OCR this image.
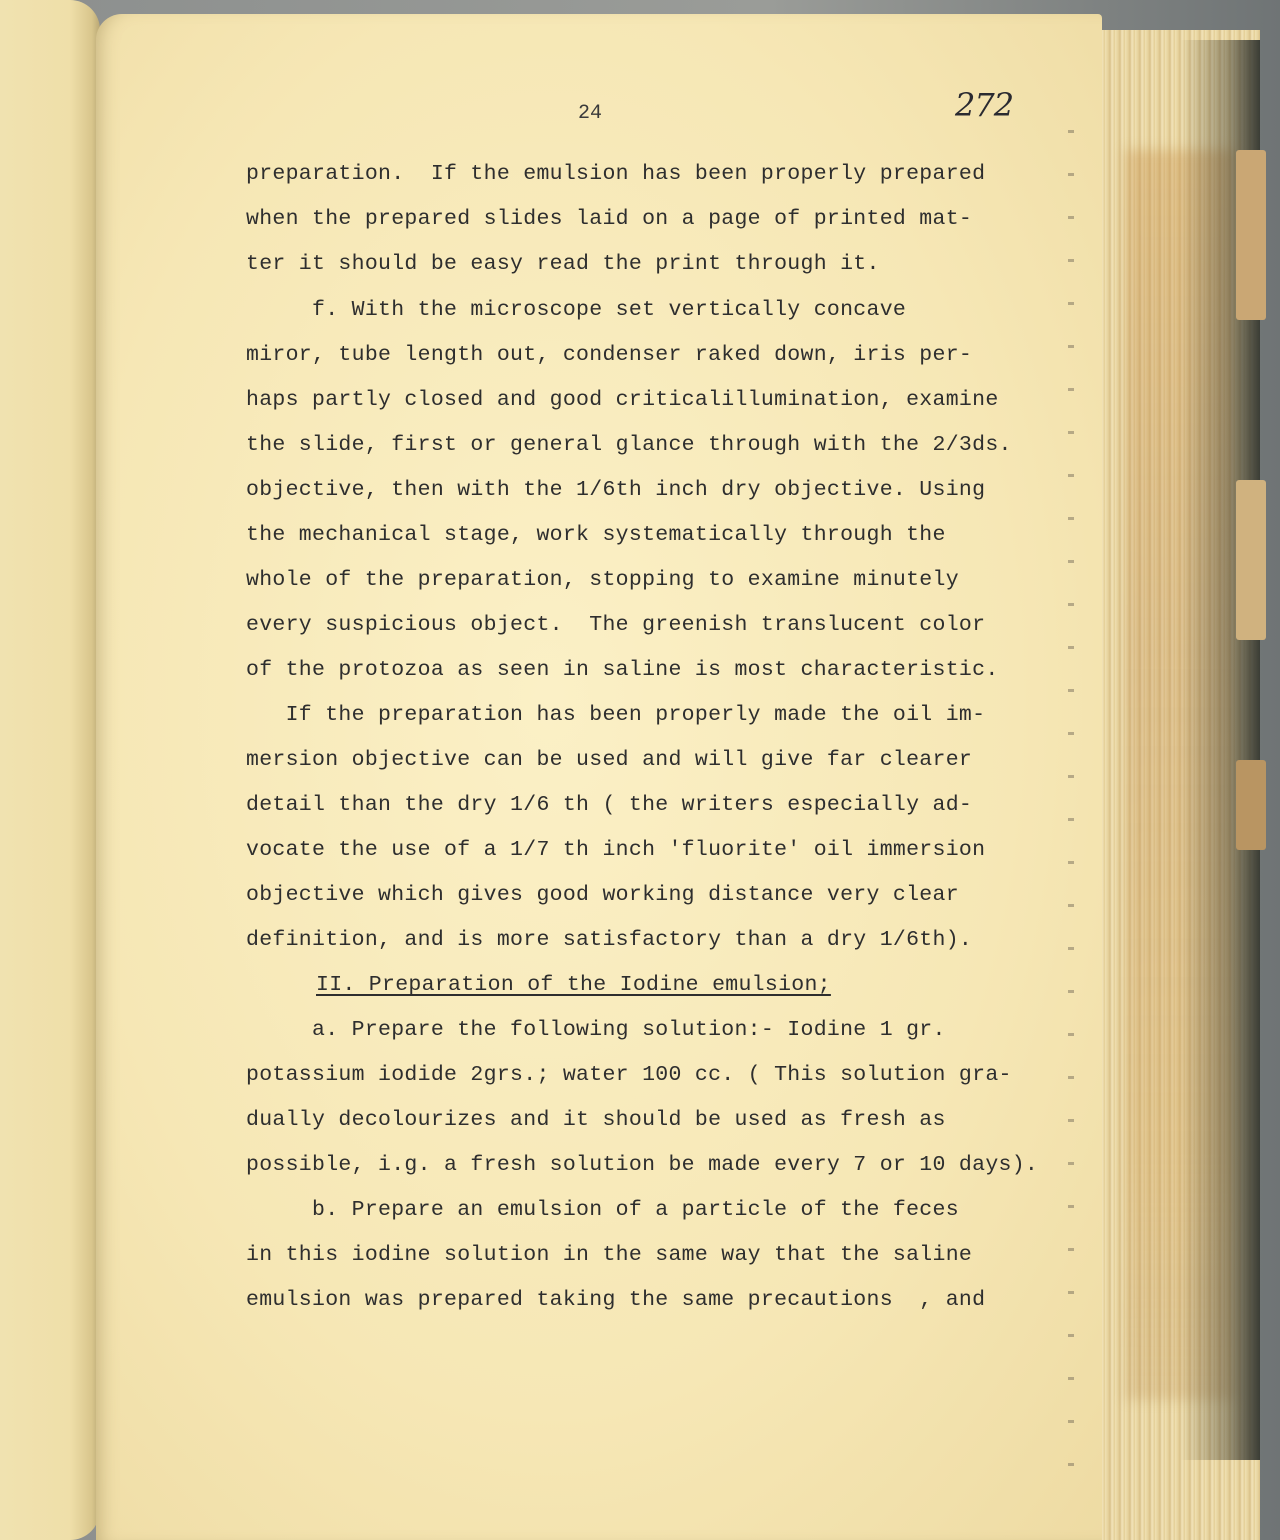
24	272
preparation.  If the emulsion has been properly prepared
when the prepared slides laid on a page of printed mat-
ter it should be easy read the print through it.
f. With the microscope set vertically concave
miror, tube length out, condenser raked down, iris per-
haps partly closed and good criticalillumination, examine
the slide, first or general glance through with the 2/3ds.
objective, then with the 1/6th inch dry objective. Using
the mechanical stage, work systematically through the
whole of the preparation, stopping to examine minutely
every suspicious object.  The greenish translucent color
of the protozoa as seen in saline is most characteristic.
If the preparation has been properly made the oil im-
mersion objective can be used and will give far clearer
detail than the dry 1/6 th ( the writers especially ad-
vocate the use of a 1/7 th inch 'fluorite' oil immersion
objective which gives good working distance very clear
definition, and is more satisfactory than a dry 1/6th).
II. Preparation of the Iodine emulsion;
a. Prepare the following solution:- Iodine 1 gr.
potassium iodide 2grs.; water 100 cc. ( This solution gra-
dually decolourizes and it should be used as fresh as
possible, i.g. a fresh solution be made every 7 or 10 days).
b. Prepare an emulsion of a particle of the feces
in this iodine solution in the same way that the saline
emulsion was prepared taking the same precautions  , and
